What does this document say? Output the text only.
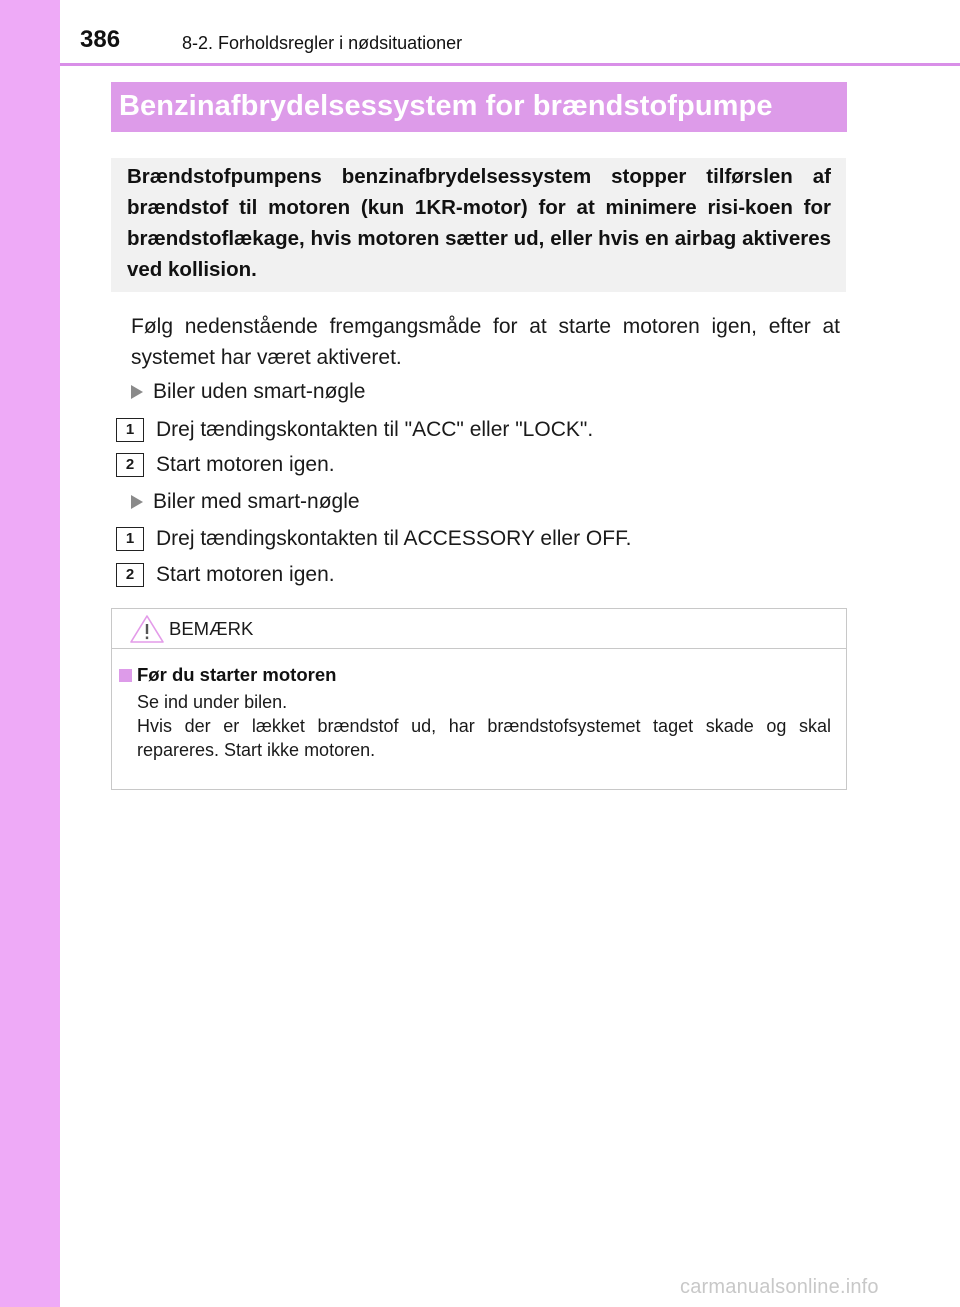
386	8-2. Forholdsregler i nødsituationer
Benzinafbrydelsessystem for brændstofpumpe

Brændstofpumpens benzinafbrydelsessystem stopper tilførslen af brændstof til motoren (kun 1KR-motor) for at minimere risi-koen for brændstoflækage, hvis motoren sætter ud, eller hvis en airbag aktiveres ved kollision.

Følg nedenstående fremgangsmåde for at starte motoren igen, efter at systemet har været aktiveret.

Biler uden smart-nøgle
1	Drej tændingskontakten til "ACC" eller "LOCK".
2	Start motoren igen.
Biler med smart-nøgle
1	Drej tændingskontakten til ACCESSORY eller OFF.
2	Start motoren igen.
BEMÆRK
Før du starter motoren

Se ind under bilen.
Hvis der er lækket brændstof ud, har brændstofsystemet taget skade og skal repareres. Start ikke motoren.

carmanualsonline.info
